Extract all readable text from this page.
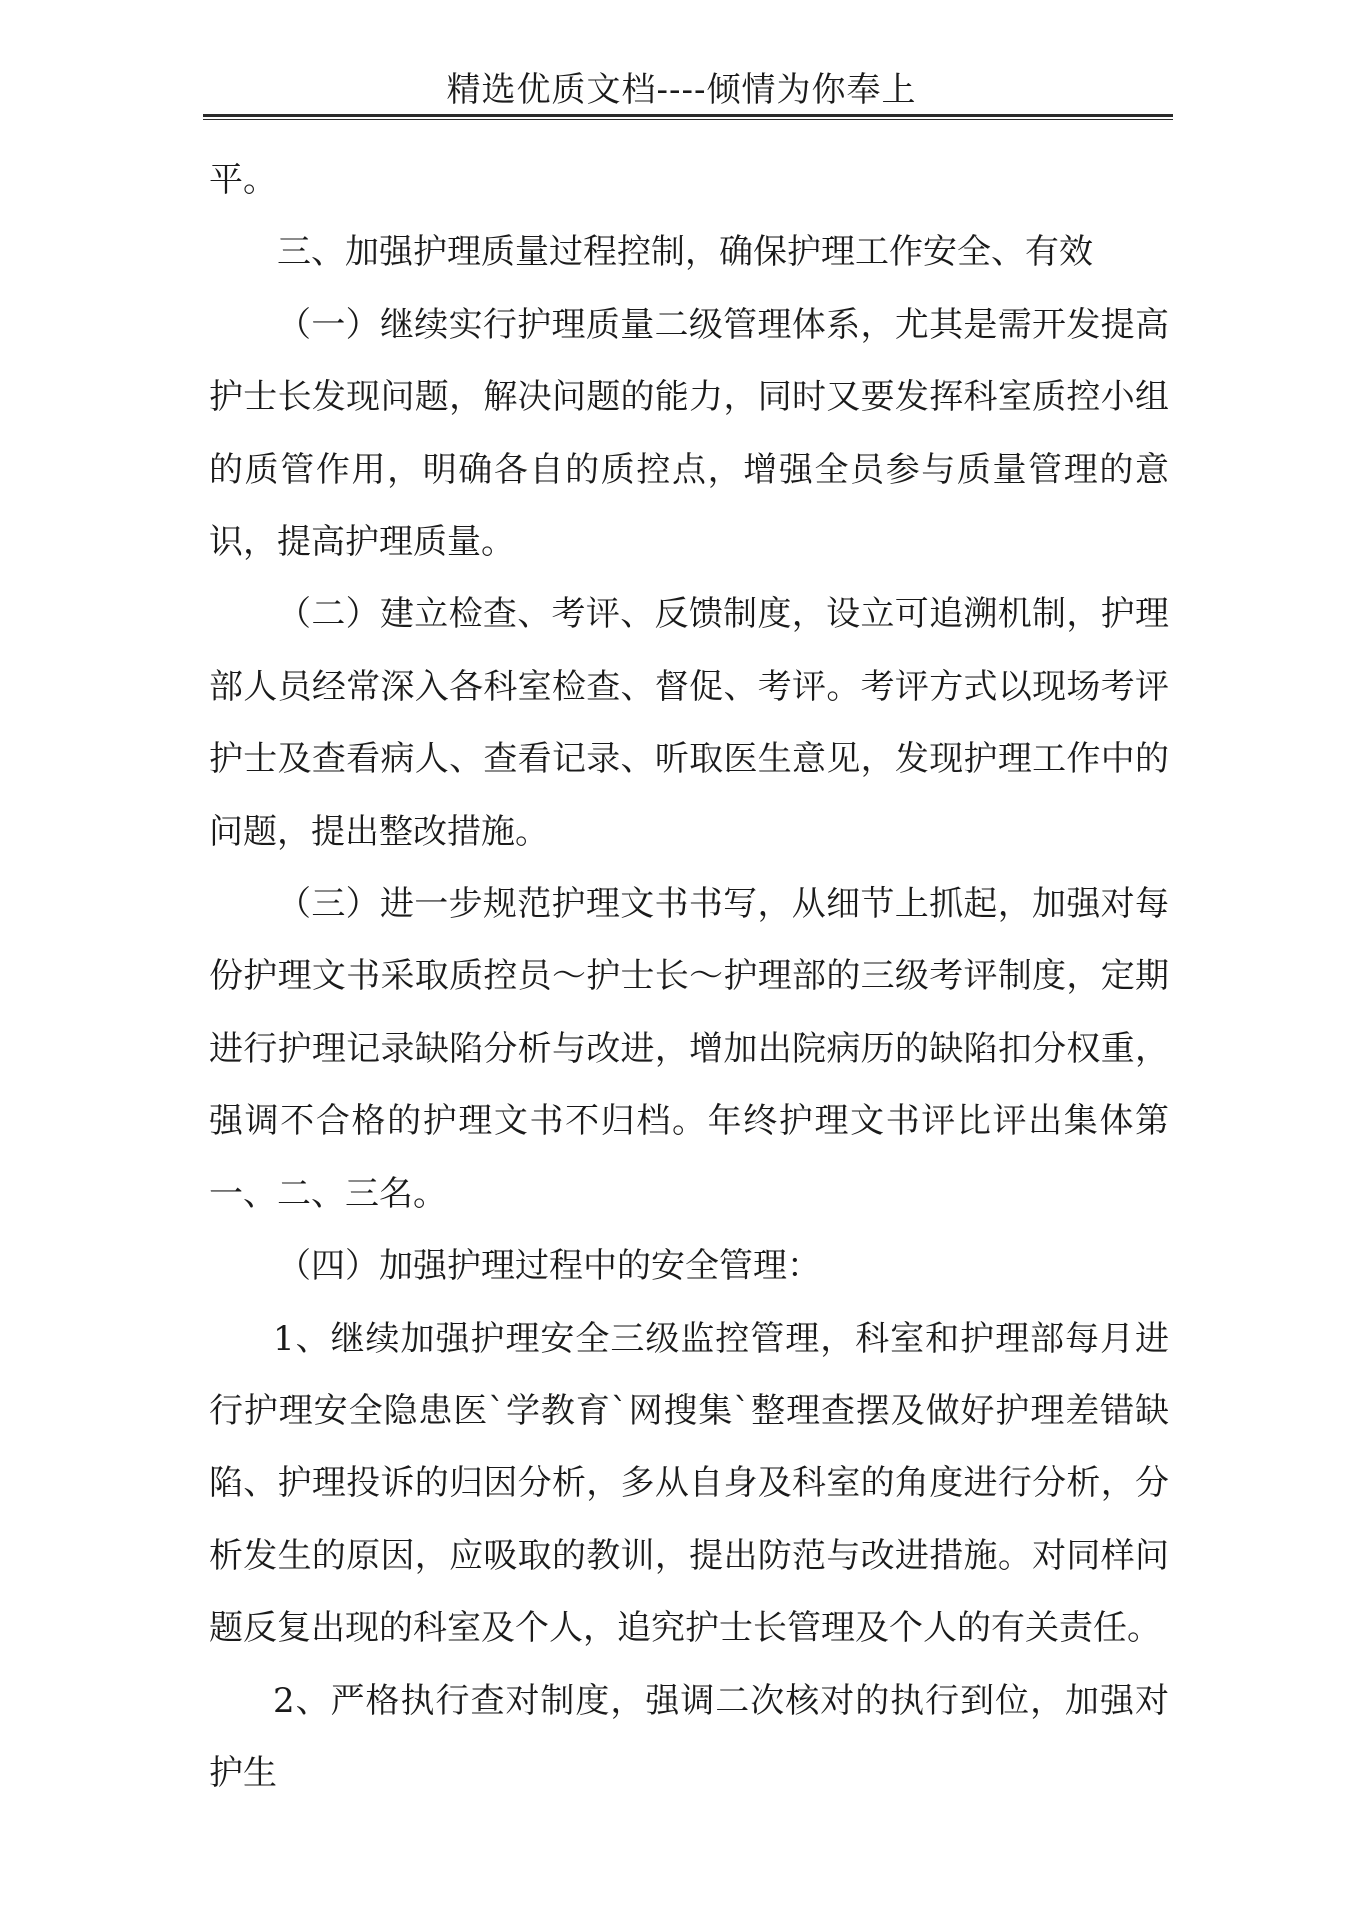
精选优质文档----倾情为你奉上

平。

三、加强护理质量过程控制，确保护理工作安全、有效

（一）继续实行护理质量二级管理体系，尤其是需开发提高护士长发现问题，解决问题的能力，同时又要发挥科室质控小组的质管作用，明确各自的质控点，增强全员参与质量管理的意识，提高护理质量。

（二）建立检查、考评、反馈制度，设立可追溯机制，护理部人员经常深入各科室检查、督促、考评。考评方式以现场考评护士及查看病人、查看记录、听取医生意见，发现护理工作中的问题，提出整改措施。

（三）进一步规范护理文书书写，从细节上抓起，加强对每份护理文书采取质控员～护士长～护理部的三级考评制度，定期进行护理记录缺陷分析与改进，增加出院病历的缺陷扣分权重，强调不合格的护理文书不归档。年终护理文书评比评出集体第一、二、三名。

（四）加强护理过程中的安全管理：

1、继续加强护理安全三级监控管理，科室和护理部每月进行护理安全隐患医`学教育`网搜集`整理查摆及做好护理差错缺陷、护理投诉的归因分析，多从自身及科室的角度进行分析，分析发生的原因，应吸取的教训，提出防范与改进措施。对同样问题反复出现的科室及个人，追究护士长管理及个人的有关责任。

2、严格执行查对制度，强调二次核对的执行到位，加强对护生
